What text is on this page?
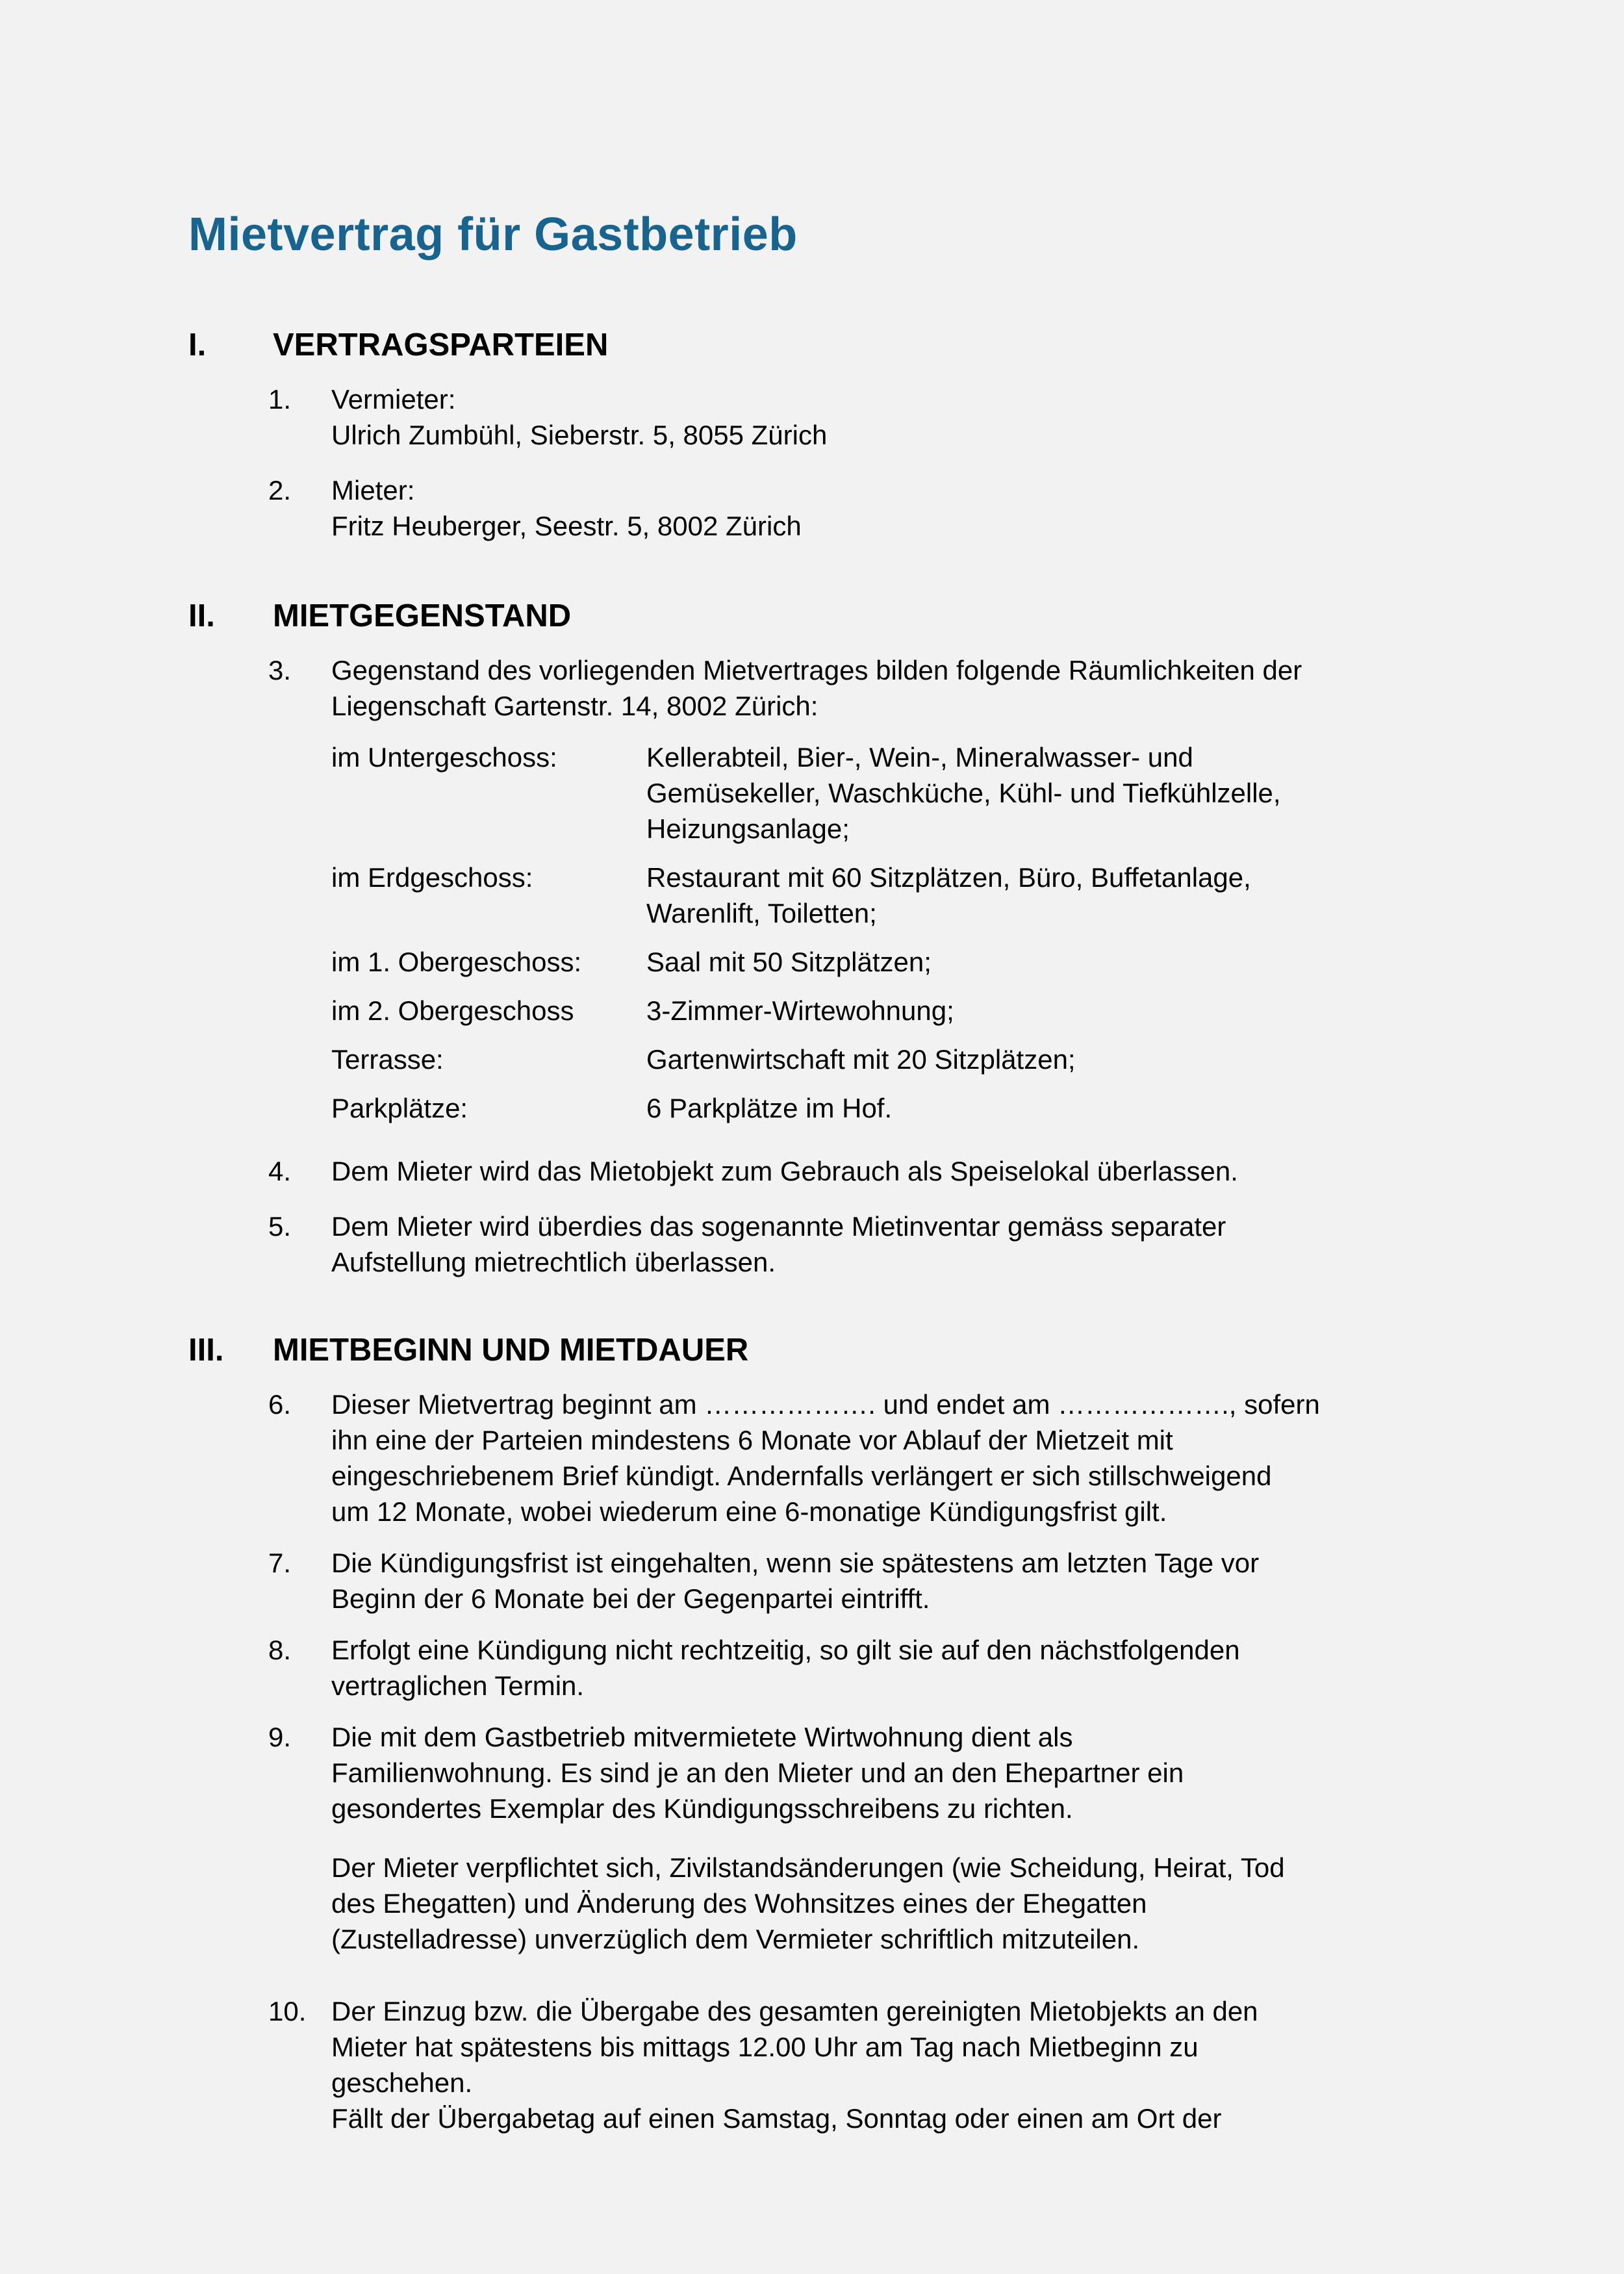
Mietvertrag für Gastbetrieb
I.	VERTRAGSPARTEIEN
1.	Vermieter:
Ulrich Zumbühl, Sieberstr. 5, 8055 Zürich
2.	Mieter:
Fritz Heuberger, Seestr. 5, 8002 Zürich
II.	MIETGEGENSTAND
3.	Gegenstand des vorliegenden Mietvertrages bilden folgende Räumlichkeiten der
Liegenschaft Gartenstr. 14, 8002 Zürich:
im Untergeschoss:	Kellerabteil, Bier-, Wein-, Mineralwasser- und
Gemüsekeller, Waschküche, Kühl- und Tiefkühlzelle,
Heizungsanlage;
im Erdgeschoss:	Restaurant mit 60 Sitzplätzen, Büro, Buffetanlage,
Warenlift, Toiletten;
im 1. Obergeschoss:	Saal mit 50 Sitzplätzen;
im 2. Obergeschoss	3-Zimmer-Wirtewohnung;
Terrasse:	Gartenwirtschaft mit 20 Sitzplätzen;
Parkplätze:	6 Parkplätze im Hof.
4.	Dem Mieter wird das Mietobjekt zum Gebrauch als Speiselokal überlassen.
5.	Dem Mieter wird überdies das sogenannte Mietinventar gemäss separater
Aufstellung mietrechtlich überlassen.
III.	MIETBEGINN UND MIETDAUER
6.	Dieser Mietvertrag beginnt am ………………. und endet am ………………., sofern
ihn eine der Parteien mindestens 6 Monate vor Ablauf der Mietzeit mit
eingeschriebenem Brief kündigt. Andernfalls verlängert er sich stillschweigend
um 12 Monate, wobei wiederum eine 6-monatige Kündigungsfrist gilt.
7.	Die Kündigungsfrist ist eingehalten, wenn sie spätestens am letzten Tage vor
Beginn der 6 Monate bei der Gegenpartei eintrifft.
8.	Erfolgt eine Kündigung nicht rechtzeitig, so gilt sie auf den nächstfolgenden
vertraglichen Termin.
9.	Die mit dem Gastbetrieb mitvermietete Wirtwohnung dient als
Familienwohnung. Es sind je an den Mieter und an den Ehepartner ein
gesondertes Exemplar des Kündigungsschreibens zu richten.
Der Mieter verpflichtet sich, Zivilstandsänderungen (wie Scheidung, Heirat, Tod
des Ehegatten) und Änderung des Wohnsitzes eines der Ehegatten
(Zustelladresse) unverzüglich dem Vermieter schriftlich mitzuteilen.
10. Der Einzug bzw. die Übergabe des gesamten gereinigten Mietobjekts an den
Mieter hat spätestens bis mittags 12.00 Uhr am Tag nach Mietbeginn zu
geschehen.
Fällt der Übergabetag auf einen Samstag, Sonntag oder einen am Ort der
